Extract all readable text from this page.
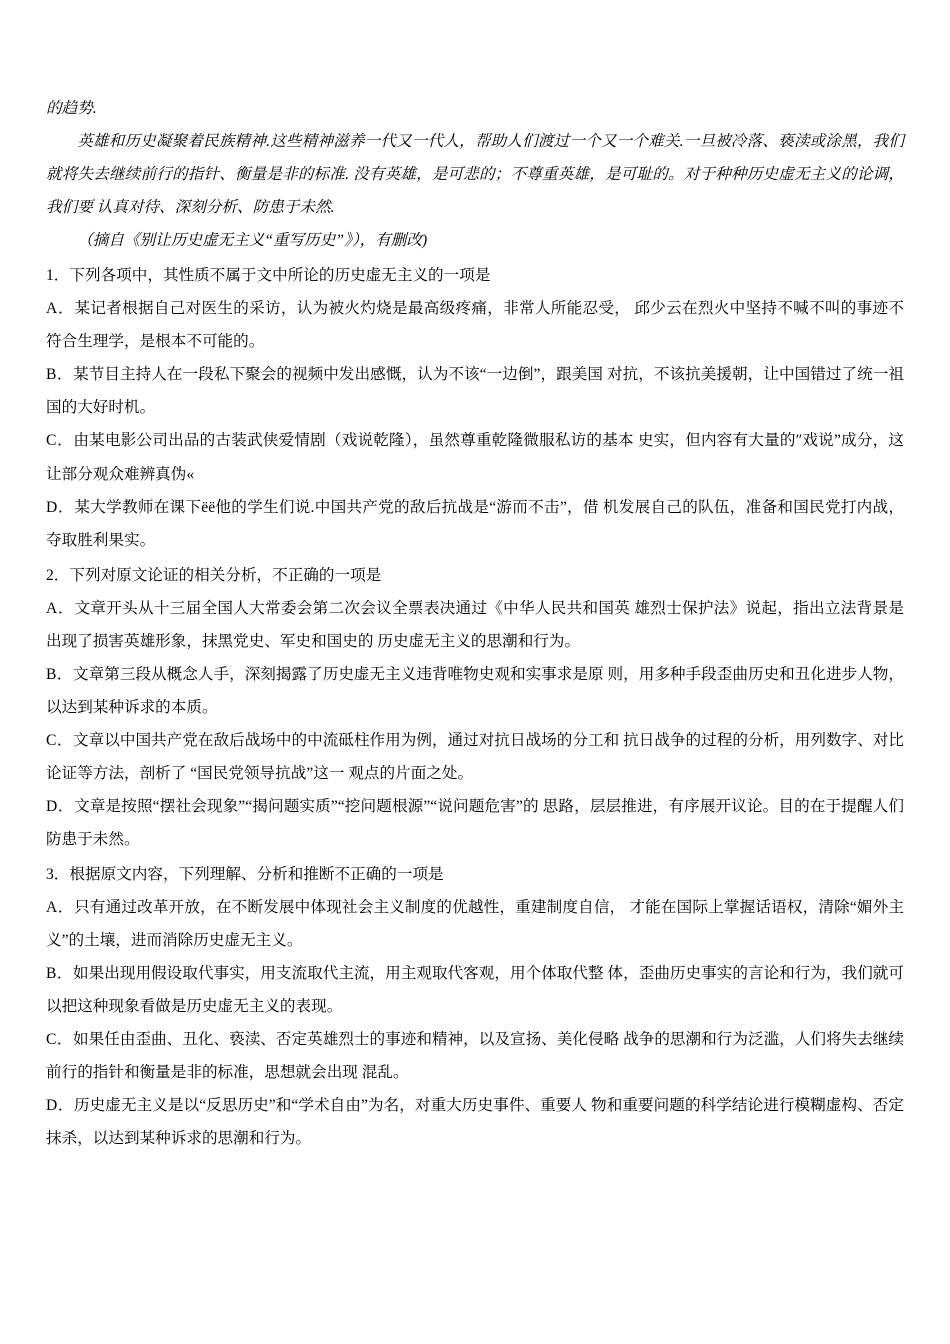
的趋势.

英雄和历史凝聚着民族精神.这些精神滋养一代又一代人，帮助人们渡过一个又一个难关.一旦被冷落、亵渎或涂黑，我们就将失去继续前行的指针、衡量是非的标准. 没有英雄，是可悲的；不尊重英雄，是可耻的。对于种种历史虚无主义的论调，我们要 认真对待、深刻分析、防患于未然.

（摘自《别让历史虚无主义“重写历史”》），有删改)

1．下列各项中，其性质不属于文中所论的历史虚无主义的一项是

A．某记者根据自己对医生的采访，认为被火灼烧是最高级疼痛，非常人所能忍受， 邱少云在烈火中坚持不喊不叫的事迹不符合生理学，是根本不可能的。

B．某节目主持人在一段私下聚会的视频中发出感慨，认为不该“一边倒”，跟美国 对抗，不该抗美援朝，让中国错过了统一祖国的大好时机。

C．由某电影公司出品的古装武侠爱情剧（戏说乾隆），虽然尊重乾隆微服私访的基本 史实，但内容有大量的″戏说”成分，这让部分观众难辨真伪«

D．某大学教师在课下ёё他的学生们说.中国共产党的敌后抗战是“游而不击”，借 机发展自己的队伍，准备和国民党打内战，夺取胜利果实。

2．下列对原文论证的相关分析，不正确的一项是

A．文章开头从十三届全国人大常委会第二次会议全票表决通过《中华人民共和国英 雄烈士保护法》说起，指出立法背景是出现了损害英雄形象，抹黑党史、军史和国史的 历史虚无主义的思潮和行为。

B．文章第三段从概念人手，深刻揭露了历史虚无主义违背唯物史观和实事求是原 则，用多种手段歪曲历史和丑化进步人物，以达到某种诉求的本质。

C．文章以中国共产党在敌后战场中的中流砥柱作用为例，通过对抗日战场的分工和 抗日战争的过程的分析，用列数字、对比论证等方法，剖析了 “国民党领导抗战”这一 观点的片面之处。

D．文章是按照“摆社会现象”“揭问题实质”“挖问题根源”“说问题危害”的 思路，层层推进，有序展开议论。目的在于提醒人们防患于未然。

3．根据原文内容，下列理解、分析和推断不正确的一项是

A．只有通过改革开放，在不断发展中体现社会主义制度的优越性，重建制度自信， 才能在国际上掌握话语权，清除“媚外主义”的土壤，进而消除历史虚无主义。

B．如果出现用假设取代事实，用支流取代主流，用主观取代客观，用个体取代整 体，歪曲历史事实的言论和行为，我们就可以把这种现象看做是历史虚无主义的表现。

C．如果任由歪曲、丑化、亵渎、否定英雄烈士的事迹和精神，以及宣扬、美化侵略 战争的思潮和行为泛滥，人们将失去继续前行的指针和衡量是非的标准，思想就会出现 混乱。

D．历史虚无主义是以“反思历史”和“学术自由”为名，对重大历史事件、重要人 物和重要问题的科学结论进行模糊虚构、否定抹杀，以达到某种诉求的思潮和行为。
